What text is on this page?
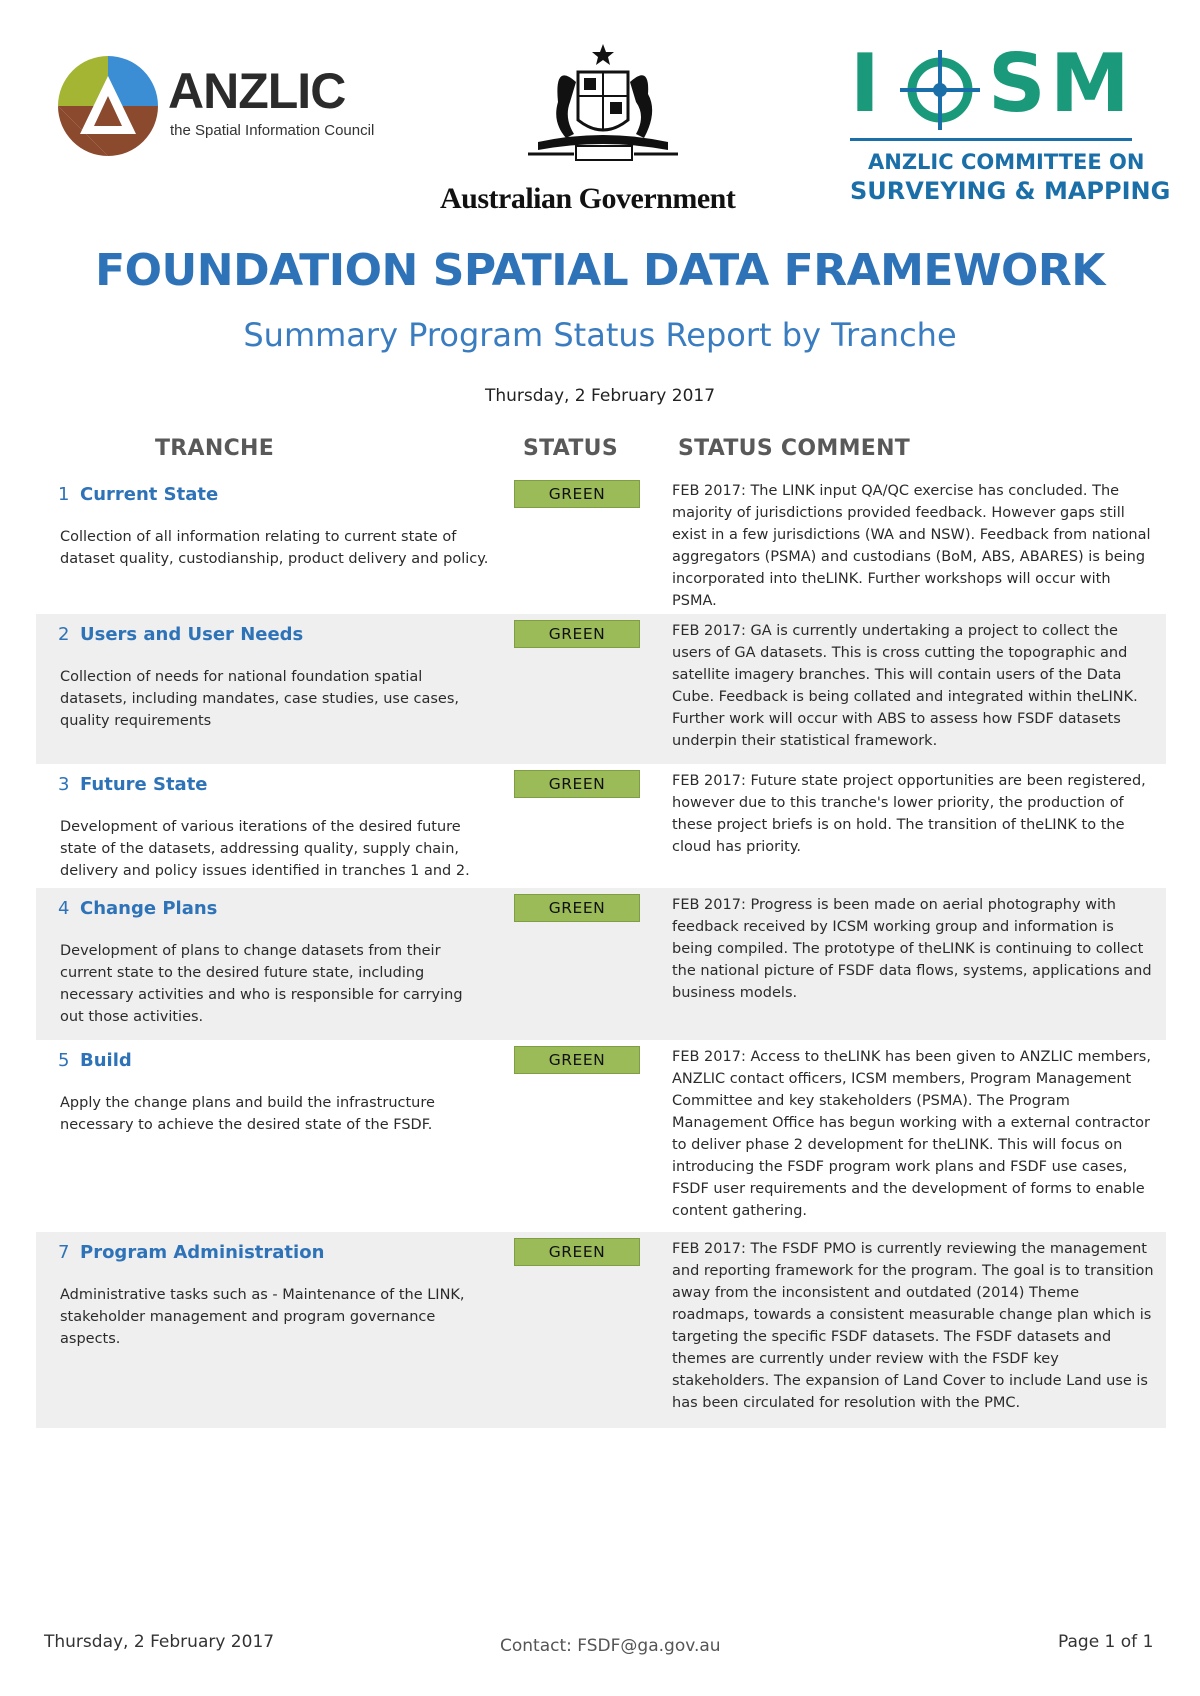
ANZLIC
the Spatial Information Council
Australian Government
I S M
ANZLIC COMMITTEE ON
SURVEYING & MAPPING
FOUNDATION SPATIAL DATA FRAMEWORK
Summary Program Status Report by Tranche
Thursday, 2 February 2017
TRANCHE	STATUS	STATUS COMMENT
1 Current State
Collection of all information relating to current state of dataset quality, custodianship, product delivery and policy.
GREEN	FEB 2017: The LINK input QA/QC exercise has concluded. The majority of jurisdictions provided feedback. However gaps still exist in a few jurisdictions (WA and NSW). Feedback from national aggregators (PSMA) and custodians (BoM, ABS, ABARES) is being incorporated into theLINK. Further workshops will occur with PSMA.
2 Users and User Needs
Collection of needs for national foundation spatial datasets, including mandates, case studies, use cases, quality requirements
GREEN	FEB 2017: GA is currently undertaking a project to collect the users of GA datasets. This is cross cutting the topographic and satellite imagery branches. This will contain users of the Data Cube. Feedback is being collated and integrated within theLINK. Further work will occur with ABS to assess how FSDF datasets underpin their statistical framework.
3 Future State
Development of various iterations of the desired future state of the datasets, addressing quality, supply chain, delivery and policy issues identified in tranches 1 and 2.
GREEN	FEB 2017: Future state project opportunities are been registered, however due to this tranche's lower priority, the production of these project briefs is on hold. The transition of theLINK to the cloud has priority.
4 Change Plans
Development of plans to change datasets from their current state to the desired future state, including necessary activities and who is responsible for carrying out those activities.
GREEN	FEB 2017: Progress is been made on aerial photography with feedback received by ICSM working group and information is being compiled. The prototype of theLINK is continuing to collect the national picture of FSDF data flows, systems, applications and business models.
5 Build
Apply the change plans and build the infrastructure necessary to achieve the desired state of the FSDF.
GREEN	FEB 2017: Access to theLINK has been given to ANZLIC members, ANZLIC contact officers, ICSM members, Program Management Committee and key stakeholders (PSMA). The Program Management Office has begun working with a external contractor to deliver phase 2 development for theLINK. This will focus on introducing the FSDF program work plans and FSDF use cases, FSDF user requirements and the development of forms to enable content gathering.
7 Program Administration
Administrative tasks such as - Maintenance of the LINK, stakeholder management and program governance aspects.
GREEN	FEB 2017: The FSDF PMO is currently reviewing the management and reporting framework for the program. The goal is to transition away from the inconsistent and outdated (2014) Theme roadmaps, towards a consistent measurable change plan which is targeting the specific FSDF datasets. The FSDF datasets and themes are currently under review with the FSDF key stakeholders. The expansion of Land Cover to include Land use is has been circulated for resolution with the PMC.
Thursday, 2 February 2017	Contact: FSDF@ga.gov.au	Page 1 of 1
